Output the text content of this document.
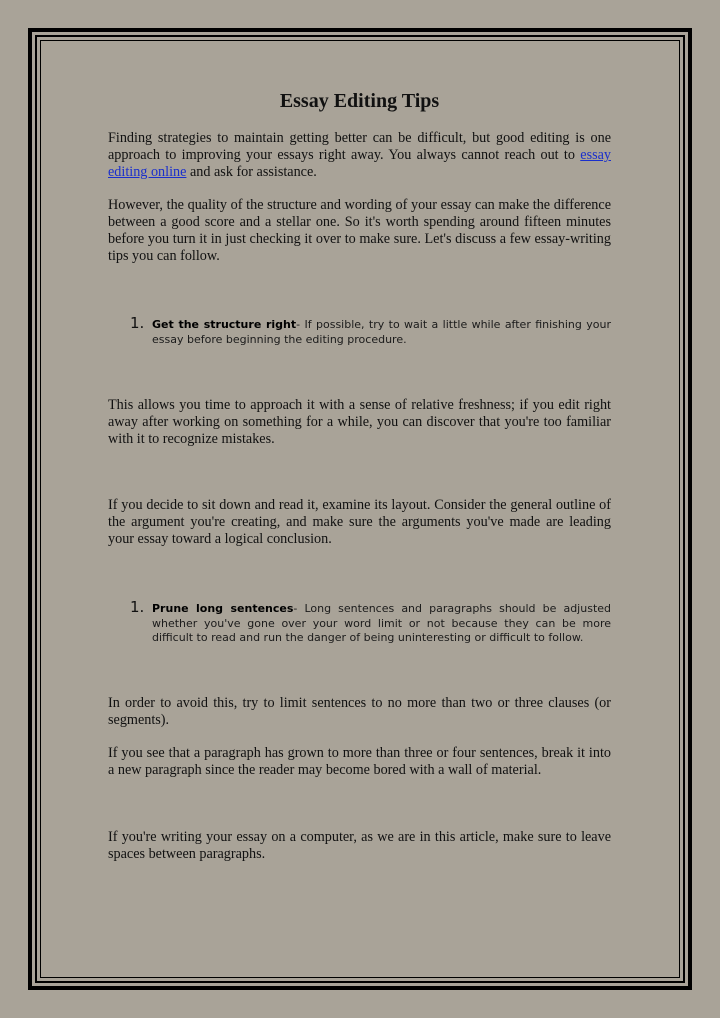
Essay Editing Tips

Finding strategies to maintain getting better can be difficult, but good editing is one approach to improving your essays right away. You always cannot reach out to essay editing online and ask for assistance.

However, the quality of the structure and wording of your essay can make the difference between a good score and a stellar one. So it's worth spending around fifteen minutes before you turn it in just checking it over to make sure. Let's discuss a few essay-writing tips you can follow.

1. Get the structure right- If possible, try to wait a little while after finishing your essay before beginning the editing procedure.

This allows you time to approach it with a sense of relative freshness; if you edit right away after working on something for a while, you can discover that you're too familiar with it to recognize mistakes.

If you decide to sit down and read it, examine its layout. Consider the general outline of the argument you're creating, and make sure the arguments you've made are leading your essay toward a logical conclusion.

1. Prune long sentences- Long sentences and paragraphs should be adjusted whether you've gone over your word limit or not because they can be more difficult to read and run the danger of being uninteresting or difficult to follow.

In order to avoid this, try to limit sentences to no more than two or three clauses (or segments).

If you see that a paragraph has grown to more than three or four sentences, break it into a new paragraph since the reader may become bored with a wall of material.

If you're writing your essay on a computer, as we are in this article, make sure to leave spaces between paragraphs.
